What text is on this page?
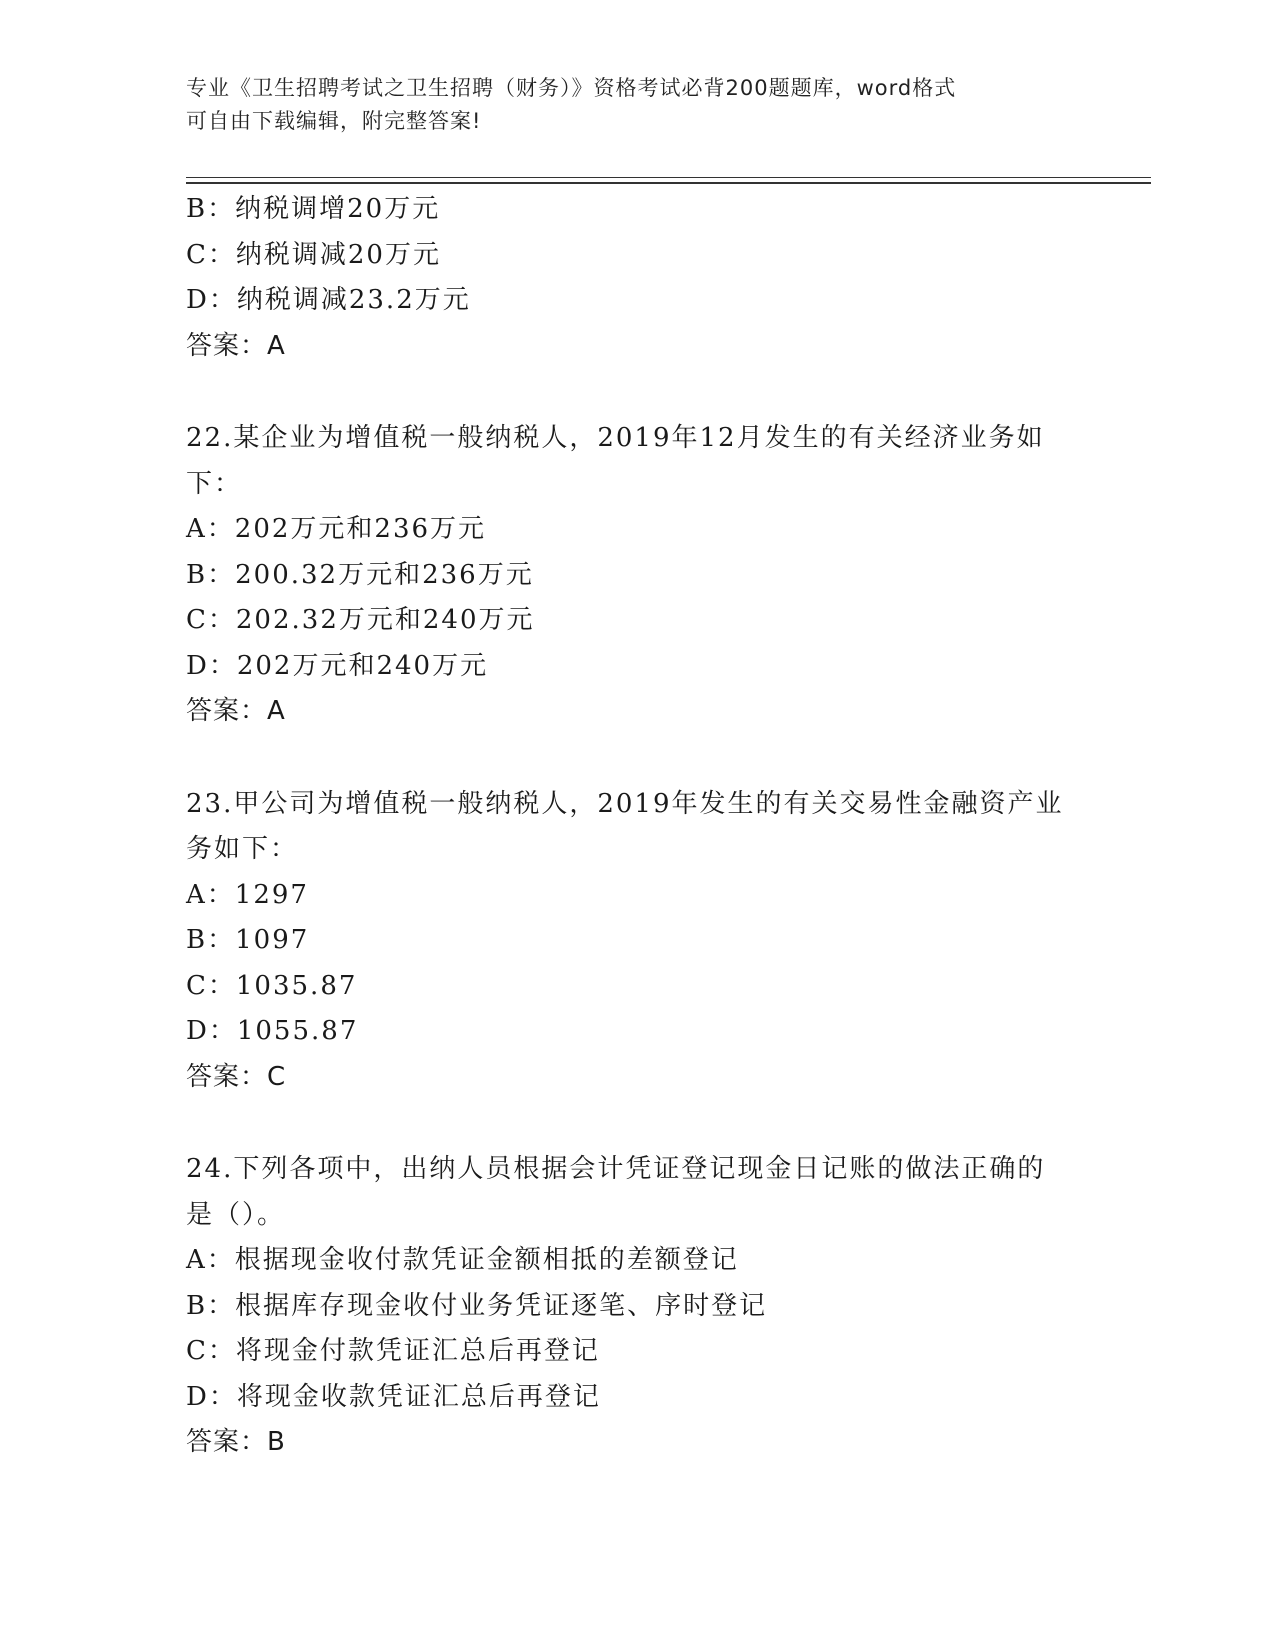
专业《卫生招聘考试之卫生招聘（财务）》资格考试必背200题题库，word格式
可自由下载编辑，附完整答案!
B：纳税调增20万元
C：纳税调减20万元
D：纳税调减23.2万元
答案：A
22.某企业为增值税一般纳税人，2019年12月发生的有关经济业务如
下：
A：202万元和236万元
B：200.32万元和236万元
C：202.32万元和240万元
D：202万元和240万元
答案：A
23.甲公司为增值税一般纳税人，2019年发生的有关交易性金融资产业
务如下：
A：1297
B：1097
C：1035.87
D：1055.87
答案：C
24.下列各项中，出纳人员根据会计凭证登记现金日记账的做法正确的
是（）。
A：根据现金收付款凭证金额相抵的差额登记
B：根据库存现金收付业务凭证逐笔、序时登记
C：将现金付款凭证汇总后再登记
D：将现金收款凭证汇总后再登记
答案：B
